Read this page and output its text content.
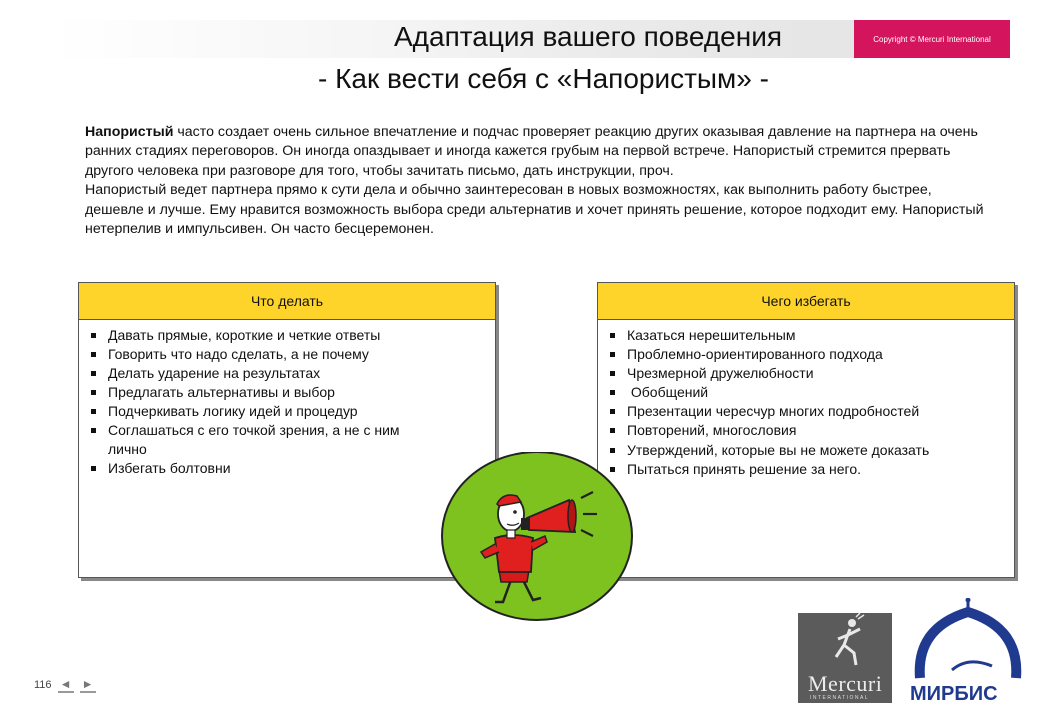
Copyright © Mercuri International
Адаптация вашего поведения
- Как вести себя с «Напористым» -

Напористый часто создает очень сильное впечатление и подчас проверяет реакцию других оказывая давление на партнера на очень ранних стадиях переговоров. Он иногда опаздывает и иногда кажется грубым на первой встрече. Напористый стремится прервать другого человека при разговоре для того, чтобы зачитать письмо, дать инструкции, проч.

Напористый ведет партнера прямо к сути дела и обычно заинтересован в новых возможностях, как выполнить работу быстрее, дешевле и лучше. Ему нравится возможность выбора среди альтернатив и хочет принять решение, которое подходит ему. Напористый нетерпелив и импульсивен. Он часто бесцеремонен.

Что делать
Давать прямые, короткие и четкие ответы
Говорить что надо сделать, а не почему
Делать ударение на результатах
Предлагать альтернативы и выбор
Подчеркивать логику идей и процедур
Соглашаться с его точкой зрения, а не с ним лично
Избегать болтовни
Чего избегать
Казаться нерешительным
Проблемно-ориентированного подхода
Чрезмерной дружелюбности
Обобщений
Презентации чересчур многих подробностей
Повторений, многословия
Утверждений, которые вы не можете доказать
Пытаться принять решение за него.
116 ◄ ►	Mercuri
INTERNATIONAL МИРБИС
